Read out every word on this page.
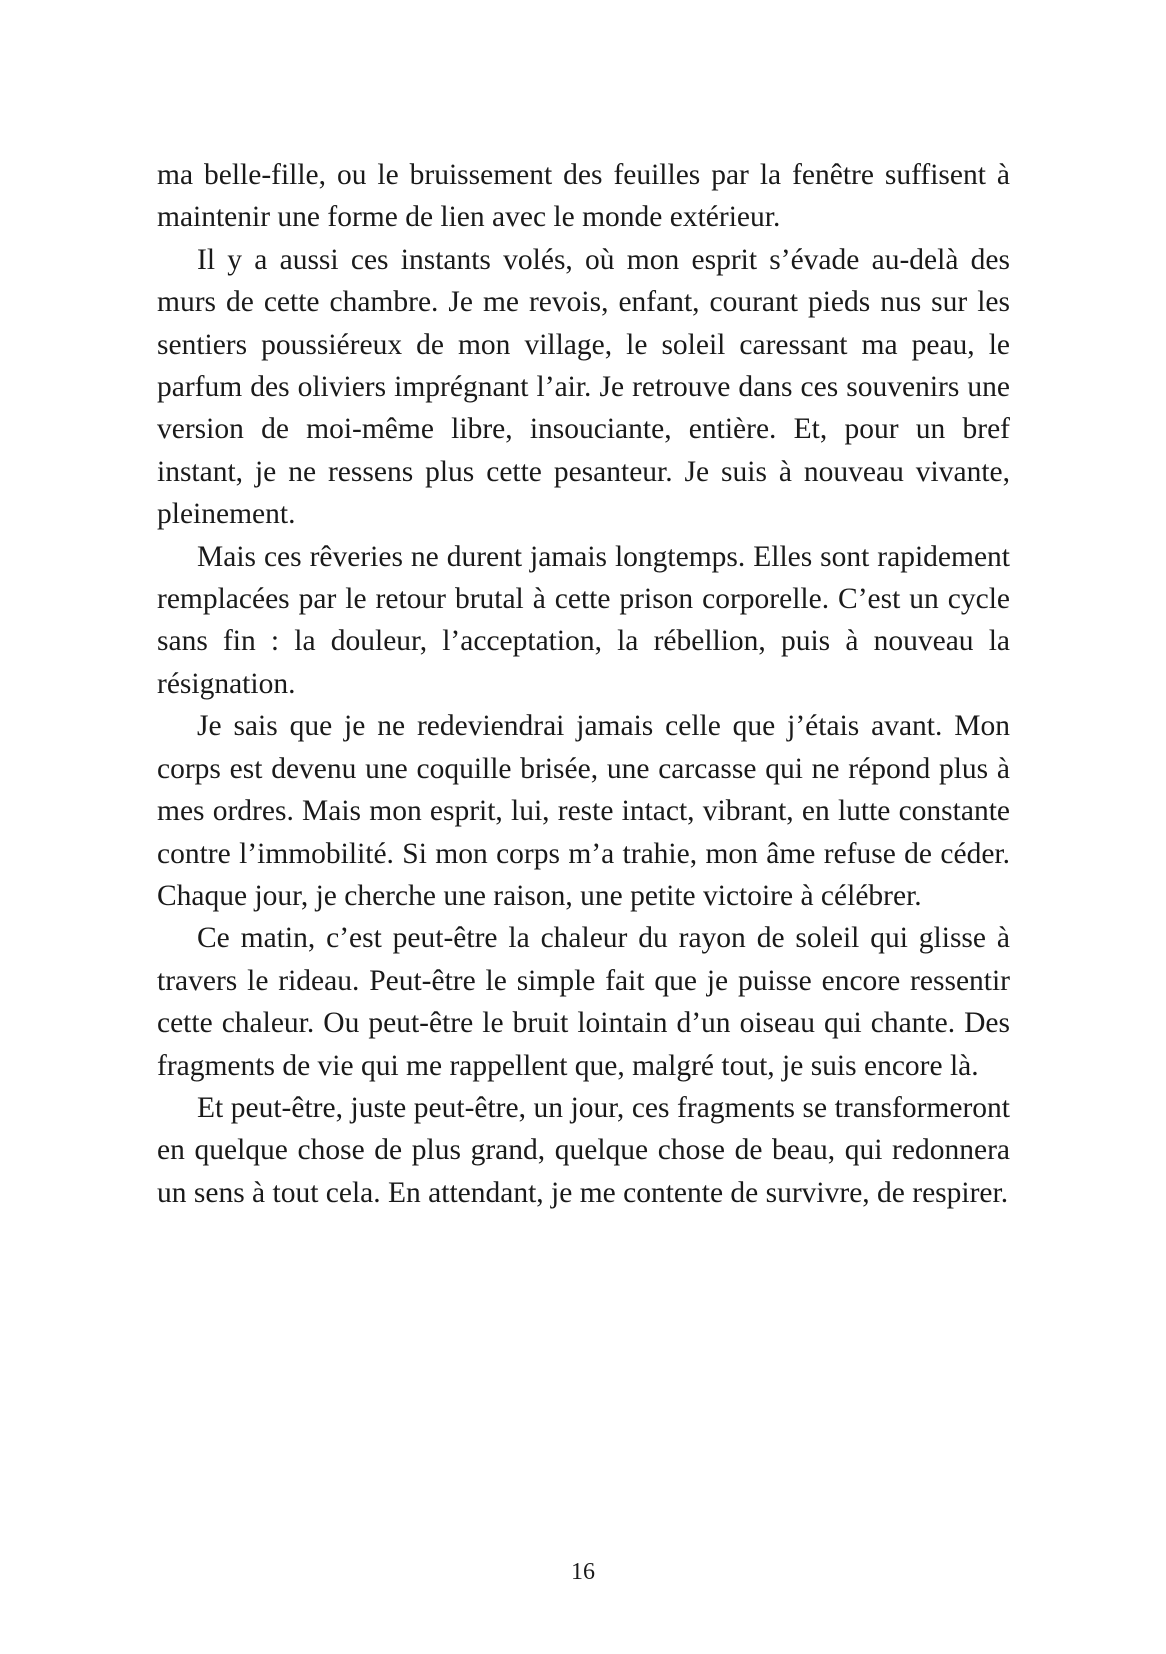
ma belle-fille, ou le bruissement des feuilles par la fenêtre suffisent à maintenir une forme de lien avec le monde extérieur.

Il y a aussi ces instants volés, où mon esprit s’évade au-delà des murs de cette chambre. Je me revois, enfant, courant pieds nus sur les sentiers poussiéreux de mon village, le soleil caressant ma peau, le parfum des oliviers imprégnant l’air. Je retrouve dans ces souvenirs une version de moi-même libre, insouciante, entière. Et, pour un bref instant, je ne ressens plus cette pesanteur. Je suis à nouveau vivante, pleinement.

Mais ces rêveries ne durent jamais longtemps. Elles sont rapidement remplacées par le retour brutal à cette prison corporelle. C’est un cycle sans fin : la douleur, l’acceptation, la rébellion, puis à nouveau la résignation.

Je sais que je ne redeviendrai jamais celle que j’étais avant. Mon corps est devenu une coquille brisée, une carcasse qui ne répond plus à mes ordres. Mais mon esprit, lui, reste intact, vibrant, en lutte constante contre l’immobilité. Si mon corps m’a trahie, mon âme refuse de céder. Chaque jour, je cherche une raison, une petite victoire à célébrer.

Ce matin, c’est peut-être la chaleur du rayon de soleil qui glisse à travers le rideau. Peut-être le simple fait que je puisse encore ressentir cette chaleur. Ou peut-être le bruit lointain d’un oiseau qui chante. Des fragments de vie qui me rappellent que, malgré tout, je suis encore là.

Et peut-être, juste peut-être, un jour, ces fragments se transformeront en quelque chose de plus grand, quelque chose de beau, qui redonnera un sens à tout cela. En attendant, je me contente de survivre, de respirer.

16
